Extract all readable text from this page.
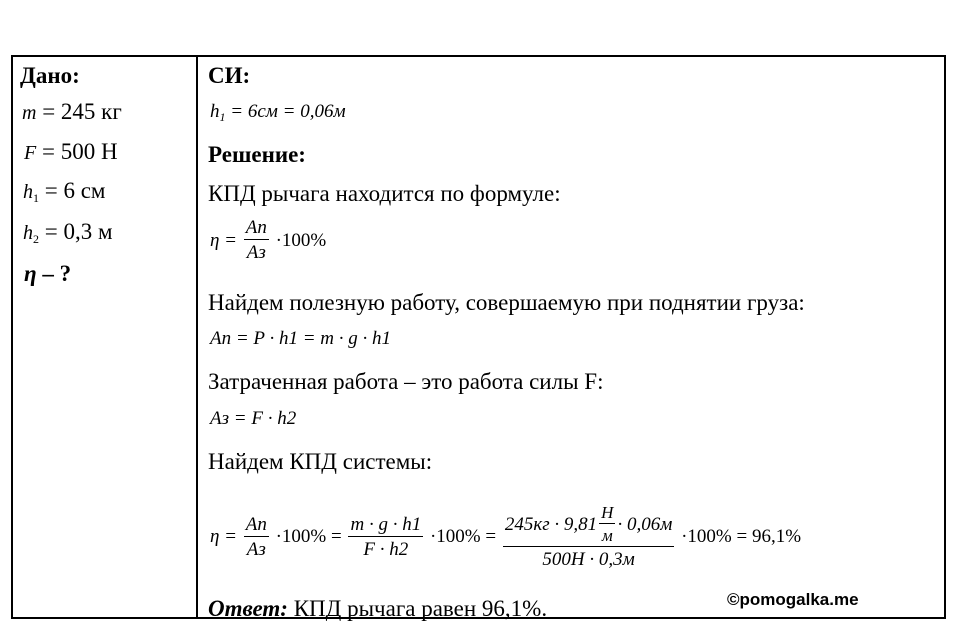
Дано:
m = 245 кг
F = 500 Н
$h_1 = 6$ см
$h_2 = 0,3$ м
η – ?
СИ:
$h_1 = 6см = 0,06м$
Решение:
КПД рычага находится по формуле:
$\eta = \frac{Aп}{Aз} \cdot 100\%$
Найдем полезную работу, совершаемую при поднятии груза:
Aп = P · h1 = m · g · h1
Затраченная работа – это работа силы F:
Aз = F · h2
Найдем КПД системы:
$\eta = \frac{Aп}{Aз} \cdot 100\% = \frac{m \cdot g \cdot h1}{F \cdot h2} \cdot 100\% = \frac{245кг \cdot 9,81 \frac{Н}{м} \cdot 0,06м}{500Н \cdot 0,3м} \cdot 100\% = 96,1\%$
Ответ: КПД рычага равен 96,1%.	©pomogalka.me
